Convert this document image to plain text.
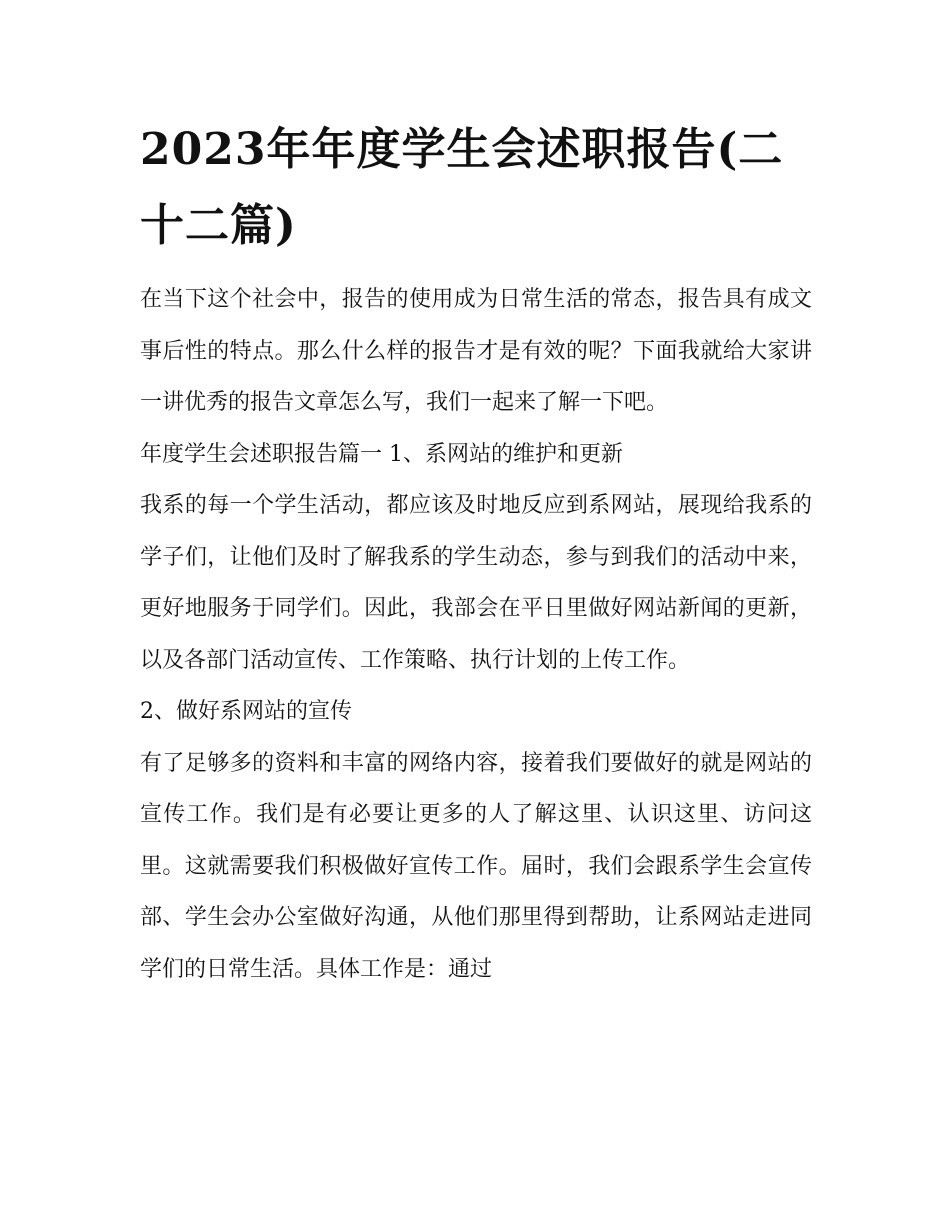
2023年年度学生会述职报告(二十二篇)

在当下这个社会中，报告的使用成为日常生活的常态，报告具有成文事后性的特点。那么什么样的报告才是有效的呢？下面我就给大家讲一讲优秀的报告文章怎么写，我们一起来了解一下吧。

年度学生会述职报告篇一 1、系网站的维护和更新

我系的每一个学生活动，都应该及时地反应到系网站，展现给我系的学子们，让他们及时了解我系的学生动态，参与到我们的活动中来，更好地服务于同学们。因此，我部会在平日里做好网站新闻的更新，以及各部门活动宣传、工作策略、执行计划的上传工作。

2、做好系网站的宣传

有了足够多的资料和丰富的网络内容，接着我们要做好的就是网站的宣传工作。我们是有必要让更多的人了解这里、认识这里、访问这里。这就需要我们积极做好宣传工作。届时，我们会跟系学生会宣传部、学生会办公室做好沟通，从他们那里得到帮助，让系网站走进同学们的日常生活。具体工作是：通过
